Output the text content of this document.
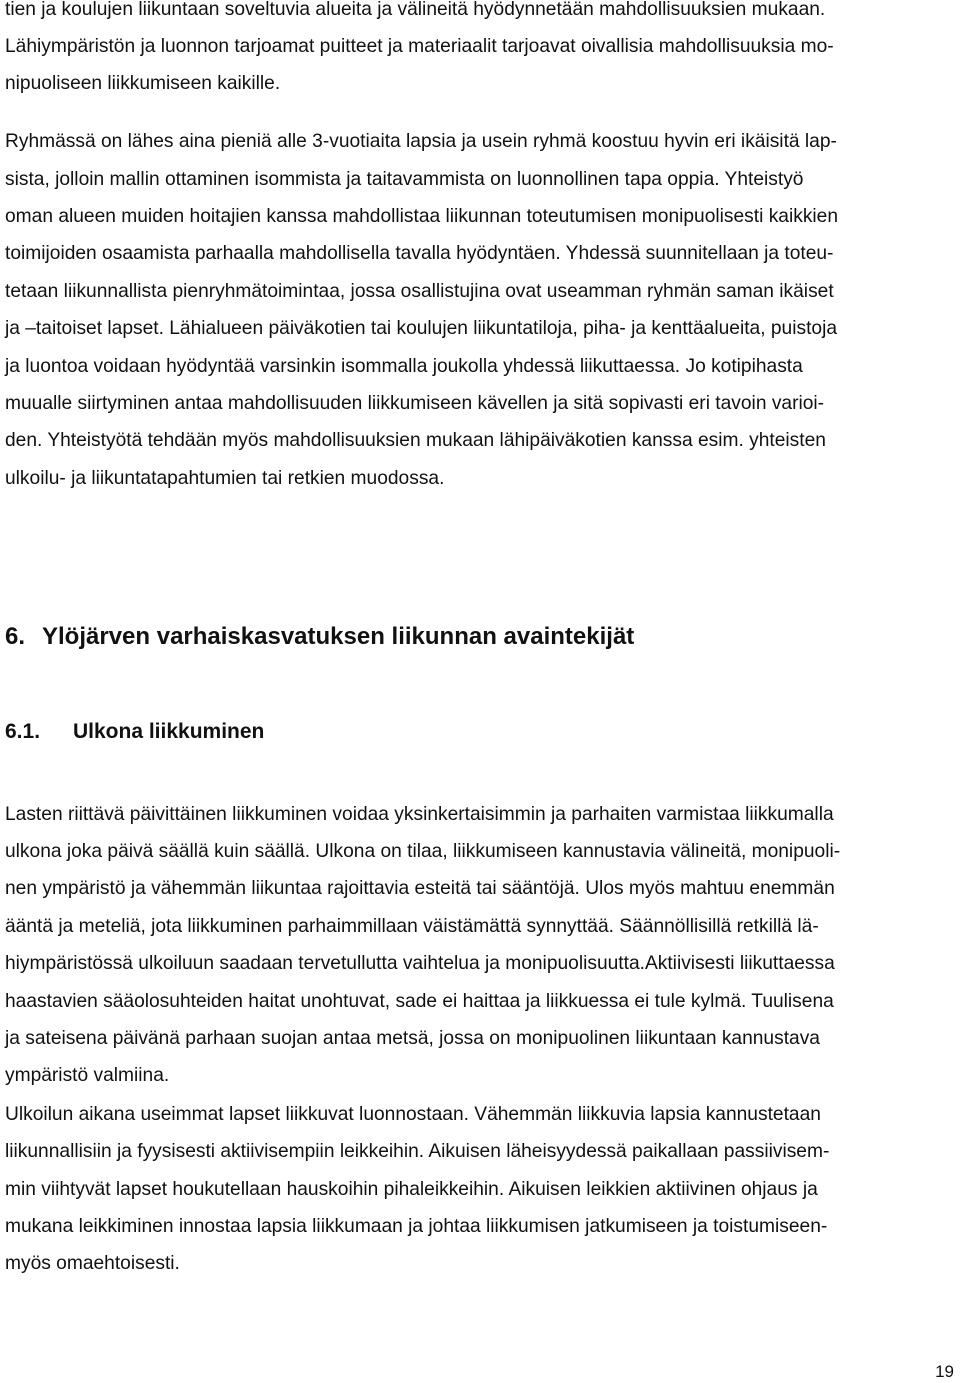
tien ja koulujen liikuntaan soveltuvia alueita ja välineitä hyödynnetään mahdollisuuksien mukaan.
Lähiympäristön ja luonnon tarjoamat puitteet ja materiaalit tarjoavat oivallisia mahdollisuuksia mo-
nipuoliseen liikkumiseen kaikille.
Ryhmässä on lähes aina pieniä alle 3-vuotiaita lapsia ja usein ryhmä koostuu hyvin eri ikäisitä lap-
sista, jolloin mallin ottaminen isommista ja taitavammista on luonnollinen tapa oppia. Yhteistyö
oman alueen muiden hoitajien kanssa mahdollistaa liikunnan toteutumisen monipuolisesti kaikkien
toimijoiden osaamista parhaalla mahdollisella tavalla hyödyntäen. Yhdessä suunnitellaan ja toteu-
tetaan liikunnallista pienryhmätoimintaa, jossa osallistujina ovat useamman ryhmän saman ikäiset
ja –taitoiset lapset. Lähialueen päiväkotien tai koulujen liikuntatiloja, piha- ja kenttäalueita, puistoja
ja luontoa voidaan hyödyntää varsinkin isommalla joukolla yhdessä liikuttaessa. Jo kotipihasta
muualle siirtyminen antaa mahdollisuuden liikkumiseen kävellen ja sitä sopivasti eri tavoin varioi-
den. Yhteistyötä tehdään myös mahdollisuuksien mukaan lähipäiväkotien kanssa esim. yhteisten
ulkoilu- ja liikuntatapahtumien tai retkien muodossa.
6. Ylöjärven varhaiskasvatuksen liikunnan avaintekijät
6.1. Ulkona liikkuminen
Lasten riittävä päivittäinen liikkuminen voidaa yksinkertaisimmin ja parhaiten varmistaa liikkumalla
ulkona joka päivä säällä kuin säällä. Ulkona on tilaa, liikkumiseen kannustavia välineitä, monipuoli-
nen ympäristö ja vähemmän liikuntaa rajoittavia esteitä tai sääntöjä. Ulos myös mahtuu enemmän
ääntä ja meteliä, jota liikkuminen parhaimmillaan väistämättä synnyttää. Säännöllisillä retkillä lä-
hiympäristössä ulkoiluun saadaan tervetullutta vaihtelua ja monipuolisuutta.Aktiivisesti liikuttaessa
haastavien sääolosuhteiden haitat unohtuvat, sade ei haittaa ja liikkuessa ei tule kylmä. Tuulisena
ja sateisena päivänä parhaan suojan antaa metsä, jossa on monipuolinen liikuntaan kannustava
ympäristö valmiina.
Ulkoilun aikana useimmat lapset liikkuvat luonnostaan. Vähemmän liikkuvia lapsia kannustetaan
liikunnallisiin ja fyysisesti aktiivisempiin leikkeihin. Aikuisen läheisyydessä paikallaan passiivisem-
min viihtyvät lapset houkutellaan hauskoihin pihaleikkeihin. Aikuisen leikkien aktiivinen ohjaus ja
mukana leikkiminen innostaa lapsia liikkumaan ja johtaa liikkumisen jatkumiseen ja toistumiseen-
myös omaehtoisesti.
19
